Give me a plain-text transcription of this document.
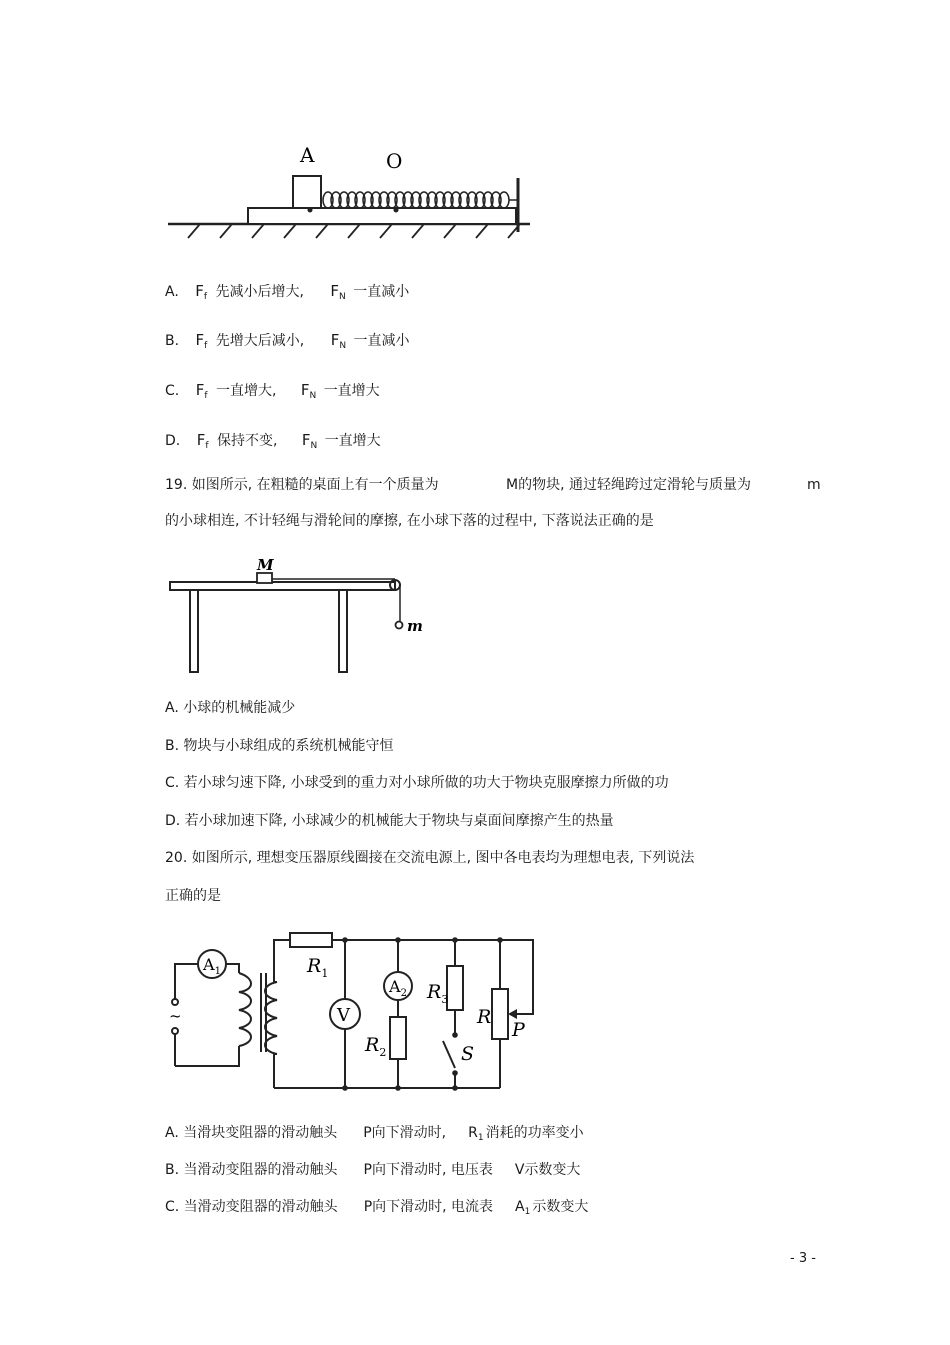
A	O
A. $F_f$ 先减小后增大, $F_N$ 一直减小
B. $F_f$ 先增大后减小, $F_N$ 一直减小
C. $F_f$ 一直增大, $F_N$ 一直增大
D. $F_f$ 保持不变, $F_N$ 一直增大
19. 如图所示, 在粗糙的桌面上有一个质量为	M的物块, 通过轻绳跨过定滑轮与质量为	m
的小球相连, 不计轻绳与滑轮间的摩擦, 在小球下落的过程中, 下落说法正确的是
M
m
A. 小球的机械能减少
B. 物块与小球组成的系统机械能守恒
C. 若小球匀速下降, 小球受到的重力对小球所做的功大于物块克服摩擦力所做的功
D. 若小球加速下降, 小球减少的机械能大于物块与桌面间摩擦产生的热量
20. 如图所示, 理想变压器原线圈接在交流电源上, 图中各电表均为理想电表, 下列说法
正确的是
$A_1$	$R_1$
V
$A_2$
$R_2$
$R_3$
S
R
P
~
A. 当滑块变阻器的滑动触头 P向下滑动时, $R_1$ 消耗的功率变小
B. 当滑动变阻器的滑动触头 P向下滑动时, 电压表 V示数变大
C. 当滑动变阻器的滑动触头 P向下滑动时, 电流表 $A_1$ 示数变大
- 3 -
